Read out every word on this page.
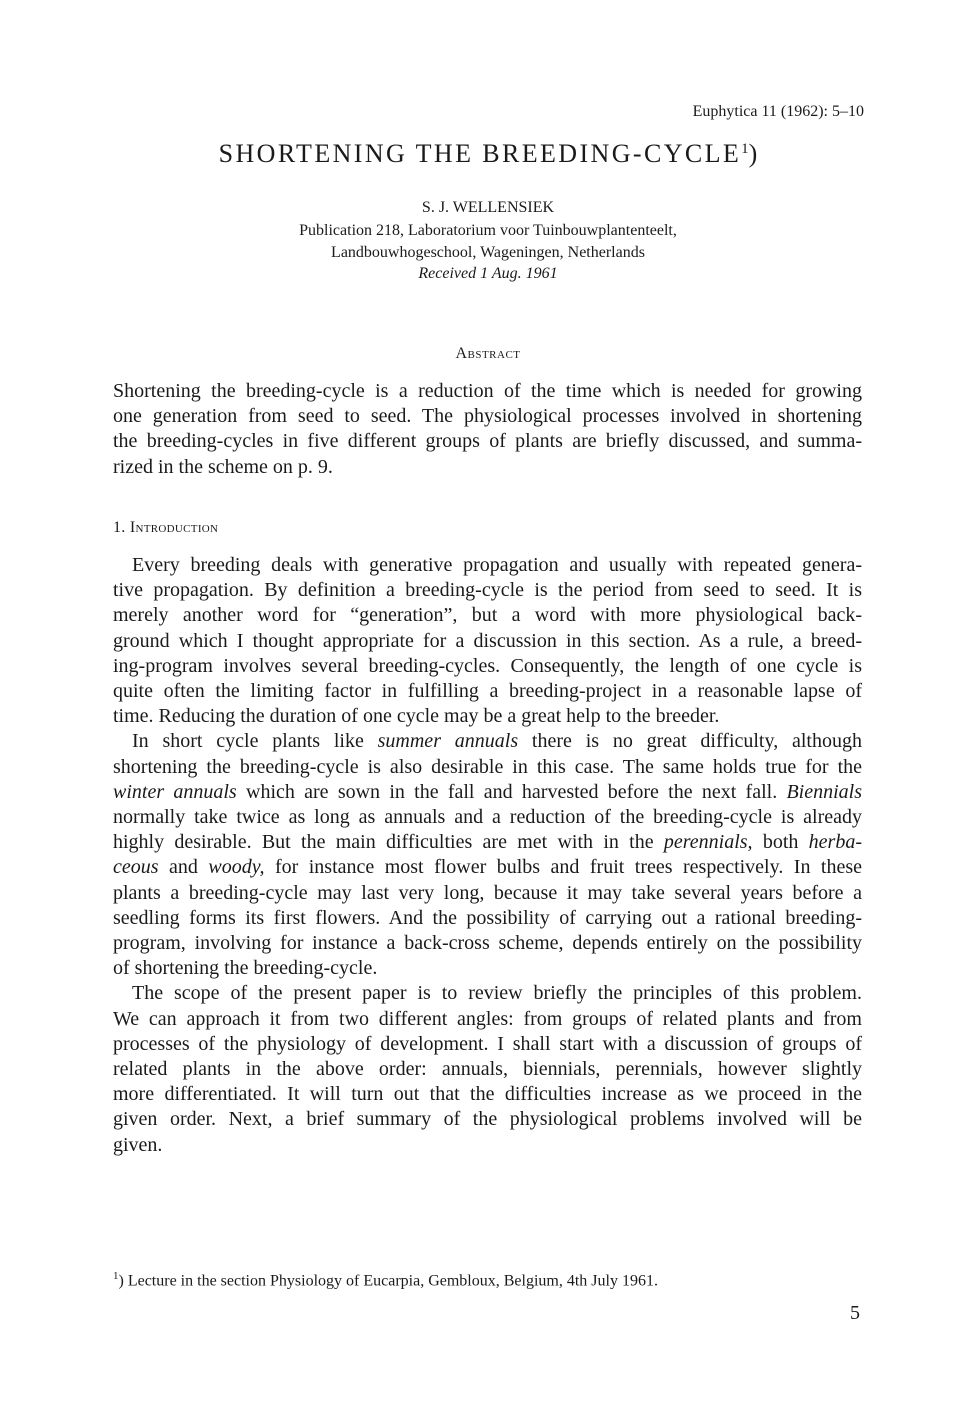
Euphytica 11 (1962): 5–10
SHORTENING THE BREEDING-CYCLE$^1$)
S. J. WELLENSIEK
Publication 218, Laboratorium voor Tuinbouwplantenteelt,
Landbouwhogeschool, Wageningen, Netherlands
Received 1 Aug. 1961
Abstract
Shortening the breeding-cycle is a reduction of the time which is needed for growing
one generation from seed to seed. The physiological processes involved in shortening
the breeding-cycles in five different groups of plants are briefly discussed, and summa-
rized in the scheme on p. 9.
1. Introduction
Every breeding deals with generative propagation and usually with repeated genera-
tive propagation. By definition a breeding-cycle is the period from seed to seed. It is
merely another word for “generation”, but a word with more physiological back-
ground which I thought appropriate for a discussion in this section. As a rule, a breed-
ing-program involves several breeding-cycles. Consequently, the length of one cycle is
quite often the limiting factor in fulfilling a breeding-project in a reasonable lapse of
time. Reducing the duration of one cycle may be a great help to the breeder.
In short cycle plants like summer annuals there is no great difficulty, although
shortening the breeding-cycle is also desirable in this case. The same holds true for the
winter annuals which are sown in the fall and harvested before the next fall. Biennials
normally take twice as long as annuals and a reduction of the breeding-cycle is already
highly desirable. But the main difficulties are met with in the perennials, both herba-
ceous and woody, for instance most flower bulbs and fruit trees respectively. In these
plants a breeding-cycle may last very long, because it may take several years before a
seedling forms its first flowers. And the possibility of carrying out a rational breeding-
program, involving for instance a back-cross scheme, depends entirely on the possibility
of shortening the breeding-cycle.
The scope of the present paper is to review briefly the principles of this problem.
We can approach it from two different angles: from groups of related plants and from
processes of the physiology of development. I shall start with a discussion of groups of
related plants in the above order: annuals, biennials, perennials, however slightly
more differentiated. It will turn out that the difficulties increase as we proceed in the
given order. Next, a brief summary of the physiological problems involved will be
given.
$^1$) Lecture in the section Physiology of Eucarpia, Gembloux, Belgium, 4th July 1961.
5
